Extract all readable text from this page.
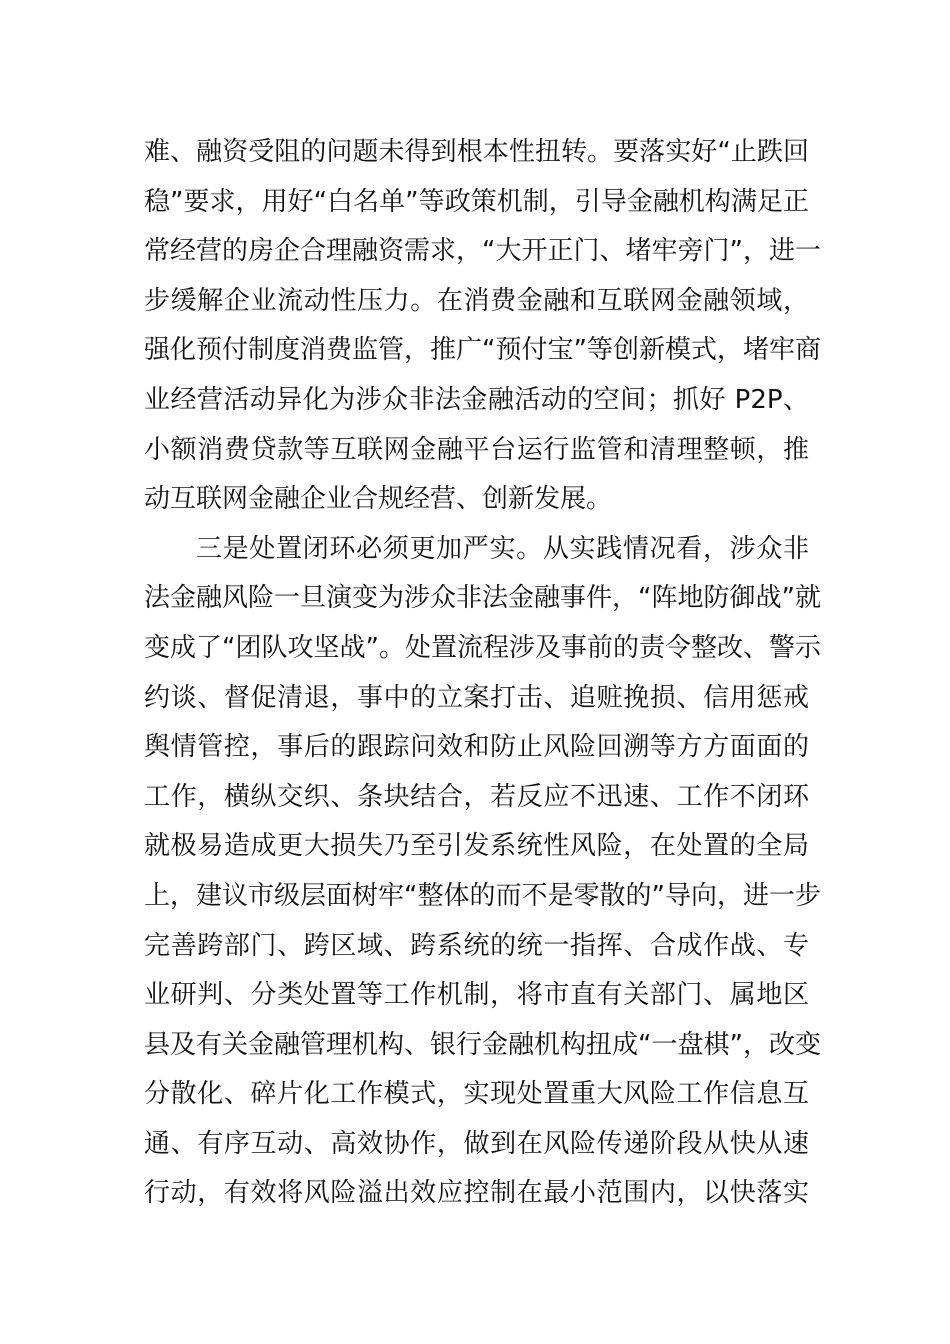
难、融资受阻的问题未得到根本性扭转。要落实好“止跌回
稳”要求，用好“白名单”等政策机制，引导金融机构满足正
常经营的房企合理融资需求，“大开正门、堵牢旁门”，进一
步缓解企业流动性压力。在消费金融和互联网金融领域，
强化预付制度消费监管，推广“预付宝”等创新模式，堵牢商
业经营活动异化为涉众非法金融活动的空间；抓好 P2P、
小额消费贷款等互联网金融平台运行监管和清理整顿，推
动互联网金融企业合规经营、创新发展。
三是处置闭环必须更加严实。从实践情况看，涉众非
法金融风险一旦演变为涉众非法金融事件，“阵地防御战”就
变成了“团队攻坚战”。处置流程涉及事前的责令整改、警示
约谈、督促清退，事中的立案打击、追赃挽损、信用惩戒
舆情管控，事后的跟踪问效和防止风险回溯等方方面面的
工作，横纵交织、条块结合，若反应不迅速、工作不闭环
就极易造成更大损失乃至引发系统性风险，在处置的全局
上，建议市级层面树牢“整体的而不是零散的”导向，进一步
完善跨部门、跨区域、跨系统的统一指挥、合成作战、专
业研判、分类处置等工作机制，将市直有关部门、属地区
县及有关金融管理机构、银行金融机构扭成“一盘棋”，改变
分散化、碎片化工作模式，实现处置重大风险工作信息互
通、有序互动、高效协作，做到在风险传递阶段从快从速
行动，有效将风险溢出效应控制在最小范围内，以快落实
